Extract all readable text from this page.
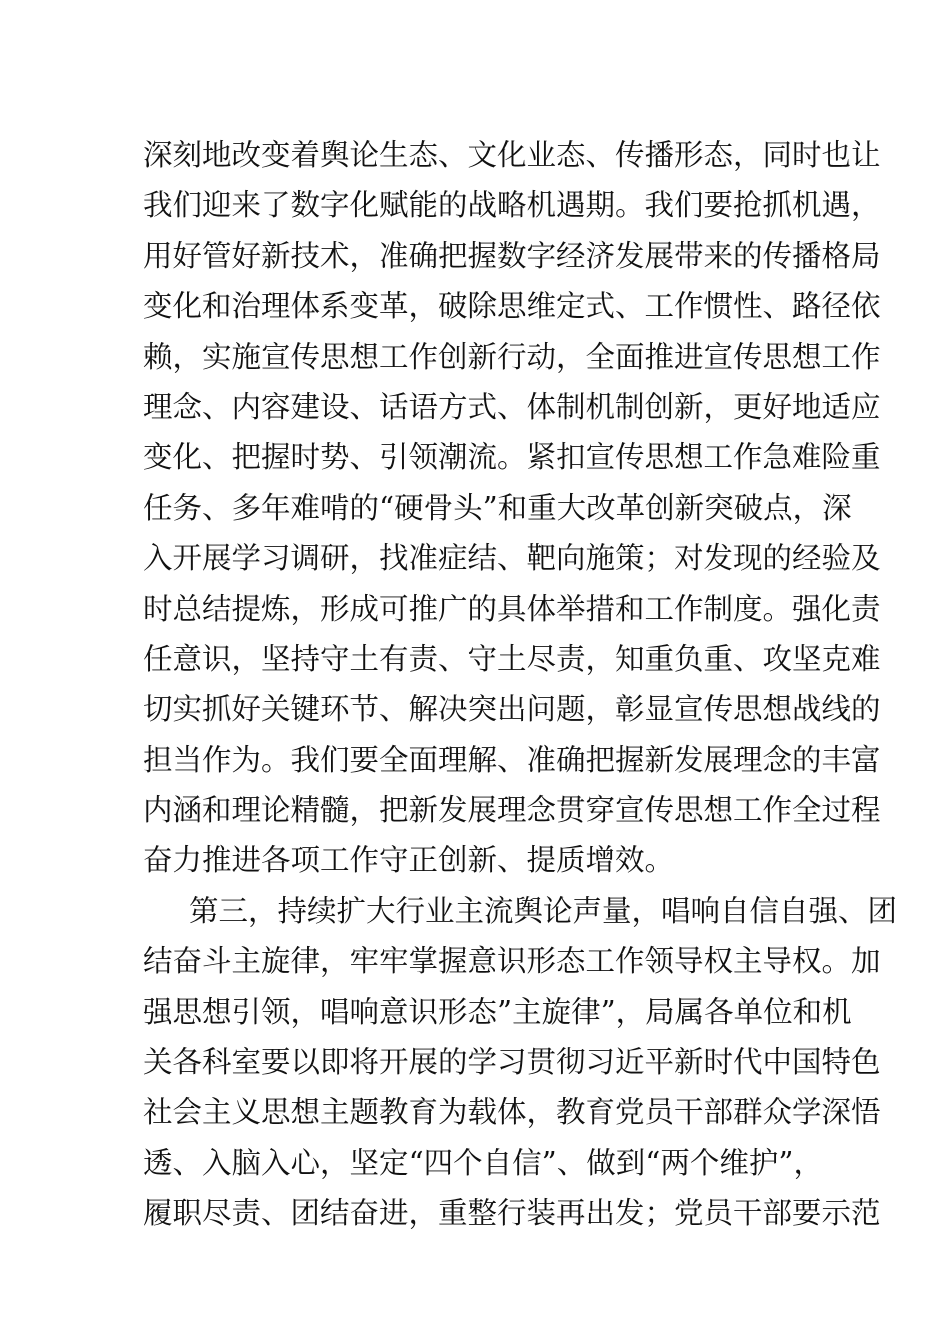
深刻地改变着舆论生态、文化业态、传播形态，同时也让
我们迎来了数字化赋能的战略机遇期。我们要抢抓机遇，
用好管好新技术，准确把握数字经济发展带来的传播格局
变化和治理体系变革，破除思维定式、工作惯性、路径依
赖，实施宣传思想工作创新行动，全面推进宣传思想工作
理念、内容建设、话语方式、体制机制创新，更好地适应
变化、把握时势、引领潮流。紧扣宣传思想工作急难险重
任务、多年难啃的“硬骨头”和重大改革创新突破点，深
入开展学习调研，找准症结、靶向施策；对发现的经验及
时总结提炼，形成可推广的具体举措和工作制度。强化责
任意识，坚持守土有责、守土尽责，知重负重、攻坚克难
切实抓好关键环节、解决突出问题，彰显宣传思想战线的
担当作为。我们要全面理解、准确把握新发展理念的丰富
内涵和理论精髓，把新发展理念贯穿宣传思想工作全过程
奋力推进各项工作守正创新、提质增效。
第三，持续扩大行业主流舆论声量，唱响自信自强、团
结奋斗主旋律，牢牢掌握意识形态工作领导权主导权。加
强思想引领，唱响意识形态”主旋律”，局属各单位和机
关各科室要以即将开展的学习贯彻习近平新时代中国特色
社会主义思想主题教育为载体，教育党员干部群众学深悟
透、入脑入心，坚定“四个自信”、做到“两个维护”，
履职尽责、团结奋进，重整行装再出发；党员干部要示范
